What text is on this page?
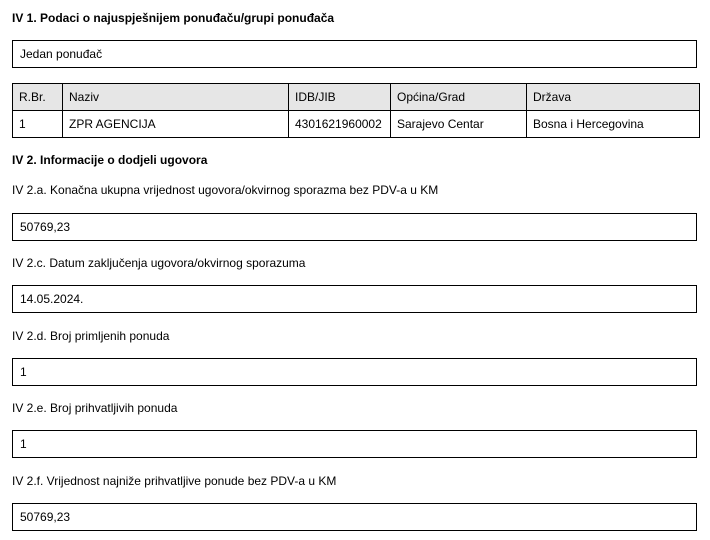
IV 1. Podaci o najuspješnijem ponuđaču/grupi ponuđača
Jedan ponuđač
R.Br.	Naziv	IDB/JIB	Općina/Grad	Država
1	ZPR AGENCIJA	4301621960002	Sarajevo Centar	Bosna i Hercegovina
IV 2. Informacije o dodjeli ugovora
IV 2.a. Konačna ukupna vrijednost ugovora/okvirnog sporazma bez PDV-a u KM
50769,23
IV 2.c. Datum zaključenja ugovora/okvirnog sporazuma
14.05.2024.
IV 2.d. Broj primljenih ponuda
1
IV 2.e. Broj prihvatljivih ponuda
1
IV 2.f. Vrijednost najniže prihvatljive ponude bez PDV-a u KM
50769,23
